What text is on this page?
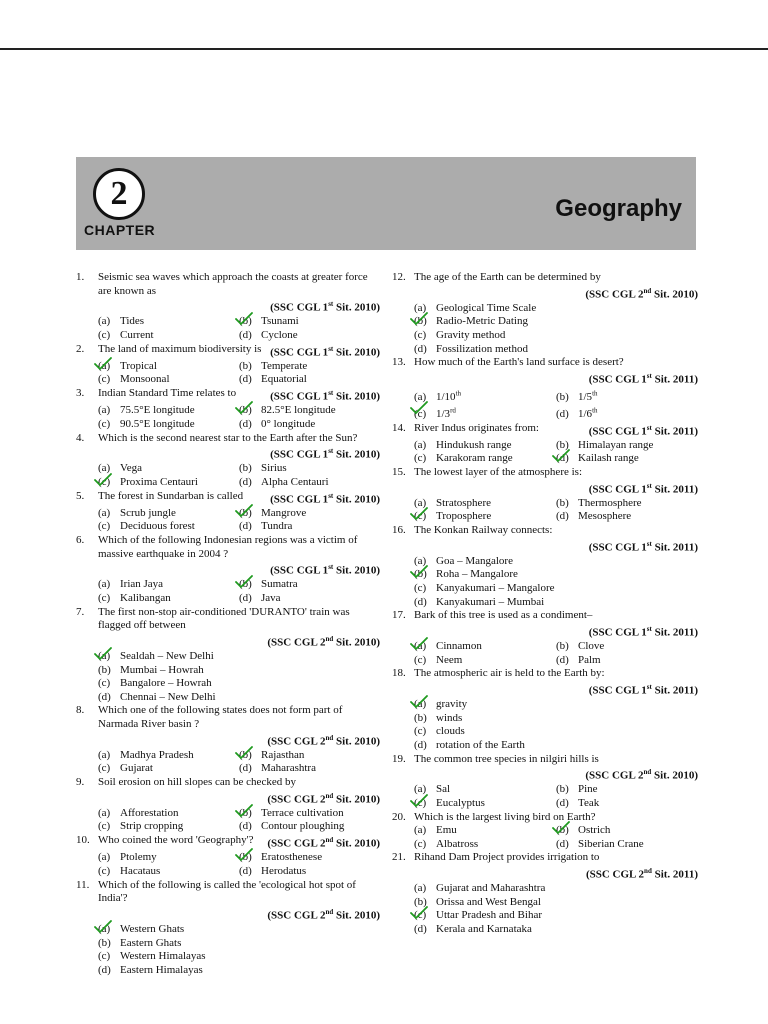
2
CHAPTER
Geography
1.	Seismic sea waves which approach the coasts at greater force are known as
(SSC CGL 1st Sit. 2010)
(a) Tides	(b) Tsunami
(c) Current	(d) Cyclone
2.	The land of maximum biodiversity is (SSC CGL 1st Sit. 2010)
(a) Tropical	(b) Temperate
(c) Monsoonal	(d) Equatorial
3.	Indian Standard Time relates to	(SSC CGL 1st Sit. 2010)
(a) 75.5°E longitude	(b) 82.5°E longitude
(c) 90.5°E longitude	(d) 0° longitude
4.	Which is the second nearest star to the Earth after the Sun?
(SSC CGL 1st Sit. 2010)
(a) Vega	(b) Sirius
(c) Proxima Centauri	(d) Alpha Centauri
5.	The forest in Sundarban is called (SSC CGL 1st Sit. 2010)
(a) Scrub jungle	(b) Mangrove
(c) Deciduous forest	(d) Tundra
6.	Which of the following Indonesian regions was a victim of massive earthquake in 2004 ?
(SSC CGL 1st Sit. 2010)
(a) Irian Jaya	(b) Sumatra
(c) Kalibangan	(d) Java
7.	The first non-stop air-conditioned 'DURANTO' train was flagged off between
(SSC CGL 2nd Sit. 2010)
(a) Sealdah – New Delhi
(b) Mumbai – Howrah
(c) Bangalore – Howrah
(d) Chennai – New Delhi
8.	Which one of the following states does not form part of Narmada River basin ?
(SSC CGL 2nd Sit. 2010)
(a) Madhya Pradesh	(b) Rajasthan
(c) Gujarat	(d) Maharashtra
9.	Soil erosion on hill slopes can be checked by
(SSC CGL 2nd Sit. 2010)
(a) Afforestation	(b) Terrace cultivation
(c) Strip cropping	(d) Contour ploughing
10. Who coined the word 'Geography'? (SSC CGL 2nd Sit. 2010)
(a) Ptolemy	(b) Eratosthenese
(c) Hacataus	(d) Herodatus
11. Which of the following is called the 'ecological hot spot of India'?
(SSC CGL 2nd Sit. 2010)
(a) Western Ghats
(b) Eastern Ghats
(c) Western Himalayas
(d) Eastern Himalayas
12. The age of the Earth can be determined by
(SSC CGL 2nd Sit. 2010)
(a) Geological Time Scale
(b) Radio-Metric Dating
(c) Gravity method
(d) Fossilization method
13. How much of the Earth's land surface is desert?
(SSC CGL 1st Sit. 2011)
(a) 1/10th	(b) 1/5th
(c) 1/3rd	(d) 1/6th
14. River Indus originates from:	(SSC CGL 1st Sit. 2011)
(a) Hindukush range	(b) Himalayan range
(c) Karakoram range	(d) Kailash range
15. The lowest layer of the atmosphere is:
(SSC CGL 1st Sit. 2011)
(a) Stratosphere	(b) Thermosphere
(c) Troposphere	(d) Mesosphere
16. The Konkan Railway connects:
(SSC CGL 1st Sit. 2011)
(a) Goa – Mangalore
(b) Roha – Mangalore
(c) Kanyakumari – Mangalore
(d) Kanyakumari – Mumbai
17. Bark of this tree is used as a condiment–
(SSC CGL 1st Sit. 2011)
(a) Cinnamon	(b) Clove
(c) Neem	(d) Palm
18. The atmospheric air is held to the Earth by:
(SSC CGL 1st Sit. 2011)
(a) gravity
(b) winds
(c) clouds
(d) rotation of the Earth
19. The common tree species in nilgiri hills is
(SSC CGL 2nd Sit. 2010)
(a) Sal	(b) Pine
(c) Eucalyptus	(d) Teak
20. Which is the largest living bird on Earth?
(a) Emu	(b) Ostrich
(c) Albatross	(d) Siberian Crane
21. Rihand Dam Project provides irrigation to
(SSC CGL 2nd Sit. 2011)
(a) Gujarat and Maharashtra
(b) Orissa and West Bengal
(c) Uttar Pradesh and Bihar
(d) Kerala and Karnataka
